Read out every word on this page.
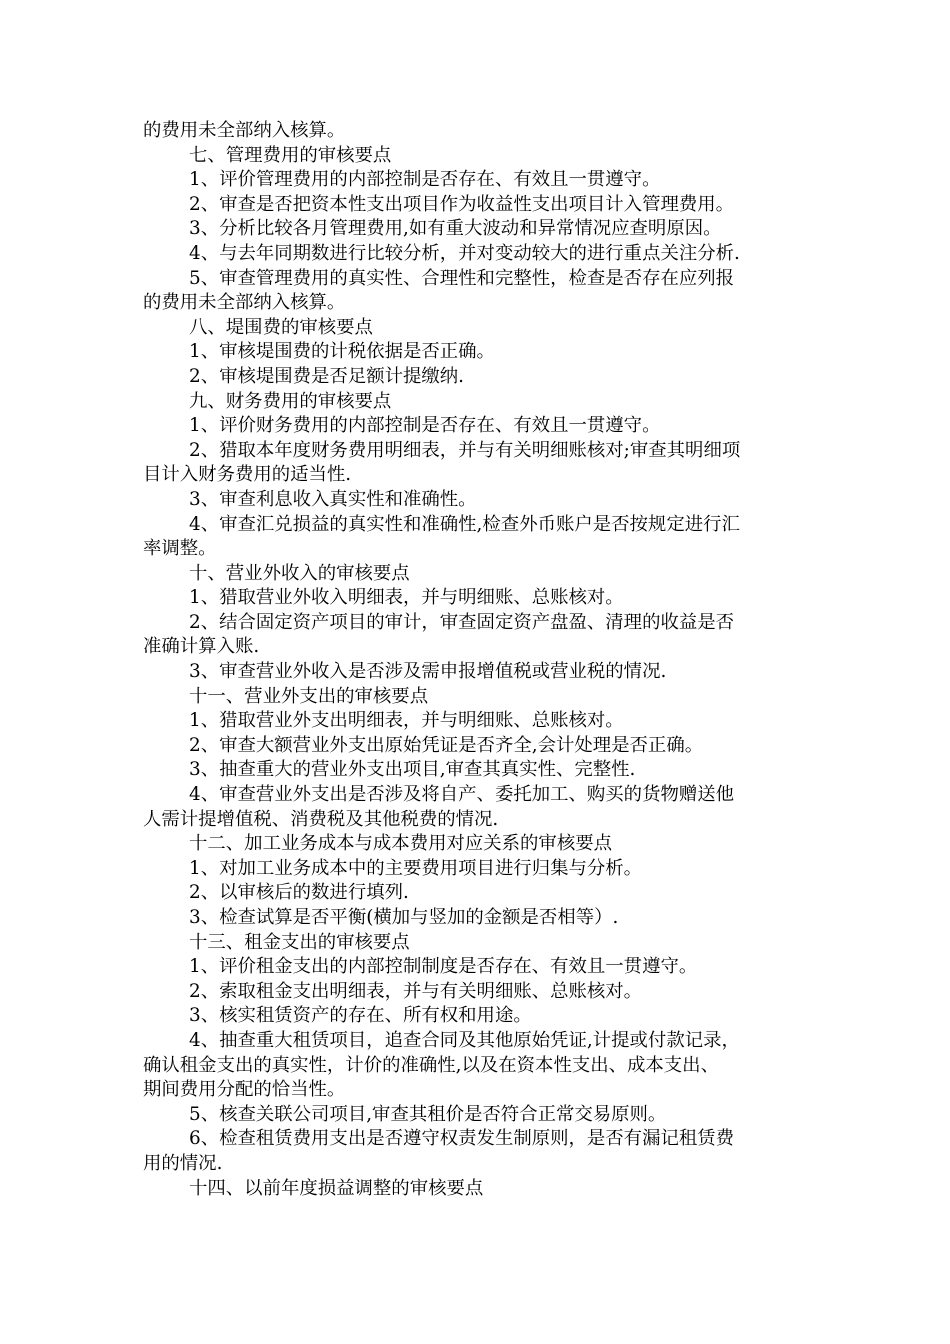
的费用未全部纳入核算。
七、管理费用的审核要点
1、评价管理费用的内部控制是否存在、有效且一贯遵守。
2、审查是否把资本性支出项目作为收益性支出项目计入管理费用。
3、分析比较各月管理费用,如有重大波动和异常情况应查明原因。
4、与去年同期数进行比较分析，并对变动较大的进行重点关注分析.
5、审查管理费用的真实性、合理性和完整性，检查是否存在应列报
的费用未全部纳入核算。
八、堤围费的审核要点
1、审核堤围费的计税依据是否正确。
2、审核堤围费是否足额计提缴纳.
九、财务费用的审核要点
1、评价财务费用的内部控制是否存在、有效且一贯遵守。
2、猎取本年度财务费用明细表，并与有关明细账核对;审查其明细项
目计入财务费用的适当性.
3、审查利息收入真实性和准确性。
4、审查汇兑损益的真实性和准确性,检查外币账户是否按规定进行汇
率调整。
十、营业外收入的审核要点
1、猎取营业外收入明细表，并与明细账、总账核对。
2、结合固定资产项目的审计，审查固定资产盘盈、清理的收益是否
准确计算入账.
3、审查营业外收入是否涉及需申报增值税或营业税的情况.
十一、营业外支出的审核要点
1、猎取营业外支出明细表，并与明细账、总账核对。
2、审查大额营业外支出原始凭证是否齐全,会计处理是否正确。
3、抽查重大的营业外支出项目,审查其真实性、完整性.
4、审查营业外支出是否涉及将自产、委托加工、购买的货物赠送他
人需计提增值税、消费税及其他税费的情况.
十二、加工业务成本与成本费用对应关系的审核要点
1、对加工业务成本中的主要费用项目进行归集与分析。
2、以审核后的数进行填列.
3、检查试算是否平衡(横加与竖加的金额是否相等）.
十三、租金支出的审核要点
1、评价租金支出的内部控制制度是否存在、有效且一贯遵守。
2、索取租金支出明细表，并与有关明细账、总账核对。
3、核实租赁资产的存在、所有权和用途。
4、抽查重大租赁项目，追查合同及其他原始凭证,计提或付款记录，
确认租金支出的真实性，计价的准确性,以及在资本性支出、成本支出、
期间费用分配的恰当性。
5、核查关联公司项目,审查其租价是否符合正常交易原则。
6、检查租赁费用支出是否遵守权责发生制原则，是否有漏记租赁费
用的情况.
十四、以前年度损益调整的审核要点
